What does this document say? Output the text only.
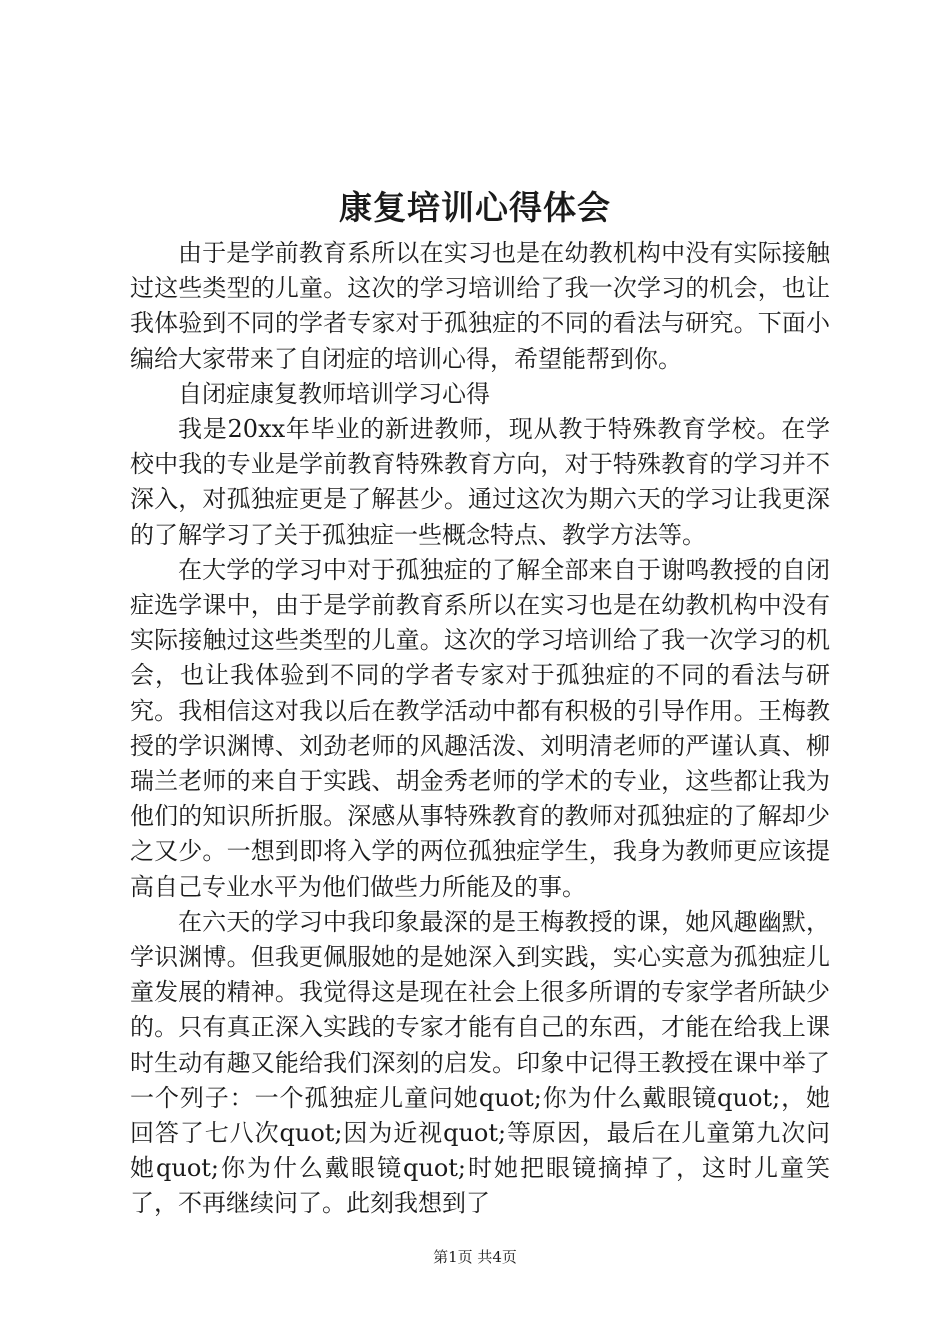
康复培训心得体会

由于是学前教育系所以在实习也是在幼教机构中没有实际接触过这些类型的儿童。这次的学习培训给了我一次学习的机会，也让我体验到不同的学者专家对于孤独症的不同的看法与研究。下面小编给大家带来了自闭症的培训心得，希望能帮到你。

自闭症康复教师培训学习心得

我是20xx年毕业的新进教师，现从教于特殊教育学校。在学校中我的专业是学前教育特殊教育方向，对于特殊教育的学习并不深入，对孤独症更是了解甚少。通过这次为期六天的学习让我更深的了解学习了关于孤独症一些概念特点、教学方法等。

在大学的学习中对于孤独症的了解全部来自于谢鸣教授的自闭症选学课中，由于是学前教育系所以在实习也是在幼教机构中没有实际接触过这些类型的儿童。这次的学习培训给了我一次学习的机会，也让我体验到不同的学者专家对于孤独症的不同的看法与研究。我相信这对我以后在教学活动中都有积极的引导作用。王梅教授的学识渊博、刘劲老师的风趣活泼、刘明清老师的严谨认真、柳瑞兰老师的来自于实践、胡金秀老师的学术的专业，这些都让我为他们的知识所折服。深感从事特殊教育的教师对孤独症的了解却少之又少。一想到即将入学的两位孤独症学生，我身为教师更应该提高自己专业水平为他们做些力所能及的事。

在六天的学习中我印象最深的是王梅教授的课，她风趣幽默，学识渊博。但我更佩服她的是她深入到实践，实心实意为孤独症儿童发展的精神。我觉得这是现在社会上很多所谓的专家学者所缺少的。只有真正深入实践的专家才能有自己的东西，才能在给我上课时生动有趣又能给我们深刻的启发。印象中记得王教授在课中举了一个列子：一个孤独症儿童问她quot;你为什么戴眼镜quot;，她回答了七八次quot;因为近视quot;等原因，最后在儿童第九次问她quot;你为什么戴眼镜quot;时她把眼镜摘掉了，这时儿童笑了，不再继续问了。此刻我想到了

第1页 共4页
